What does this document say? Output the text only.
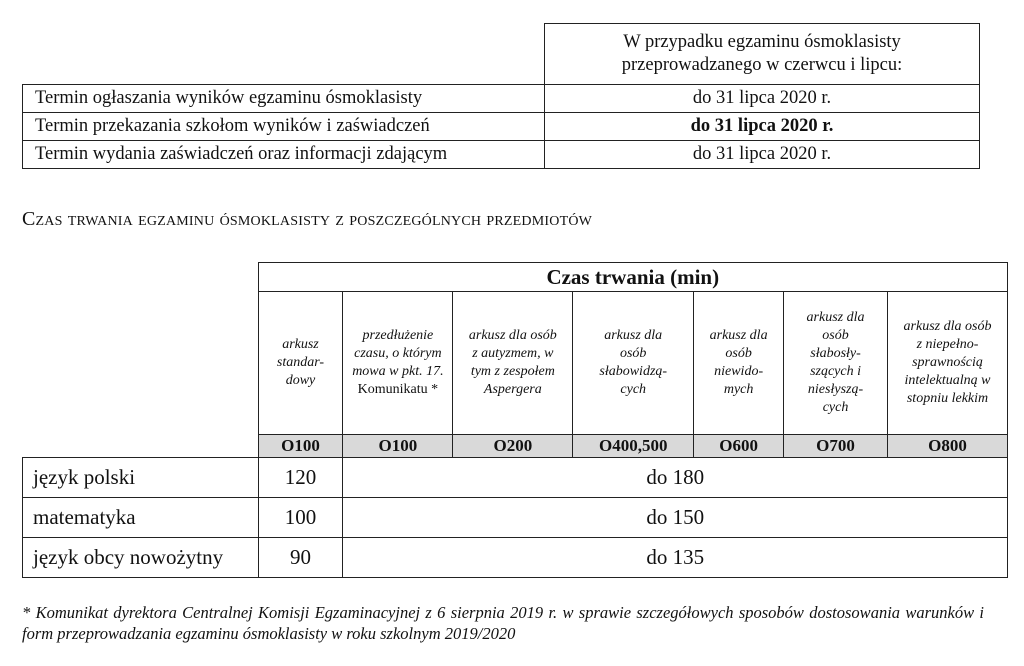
	W przypadku egzaminu ósmoklasisty przeprowadzanego w czerwcu i lipcu:

Termin ogłaszania wyników egzaminu ósmoklasisty	do 31 lipca 2020 r.
Termin przekazania szkołom wyników i zaświadczeń	do 31 lipca 2020 r.
Termin wydania zaświadczeń oraz informacji zdającym	do 31 lipca 2020 r.
Czas trwania egzaminu ósmoklasisty z poszczególnych przedmiotów
	Czas trwania (min)						

	arkusz standar-dowy	przedłużenie czasu, o którym mowa w pkt. 17. Komunikatu *	arkusz dla osób z autyzmem, w tym z zespołem Aspergera	arkusz dla osób słabowidzą-cych	arkusz dla osób niewido-mych	arkusz dla osób słabosły-szących i niesłyszą-cych	arkusz dla osób z niepełno-sprawnością intelektualną w stopniu lekkim

	O100	O100	O200	O400,500	O600	O700	O800
język polski	120	do 180					
matematyka	100	do 150					
język obcy nowożytny	90	do 135					

* Komunikat dyrektora Centralnej Komisji Egzaminacyjnej z 6 sierpnia 2019 r. w sprawie szczegółowych sposobów dostosowania warunków i form przeprowadzania egzaminu ósmoklasisty w roku szkolnym 2019/2020
